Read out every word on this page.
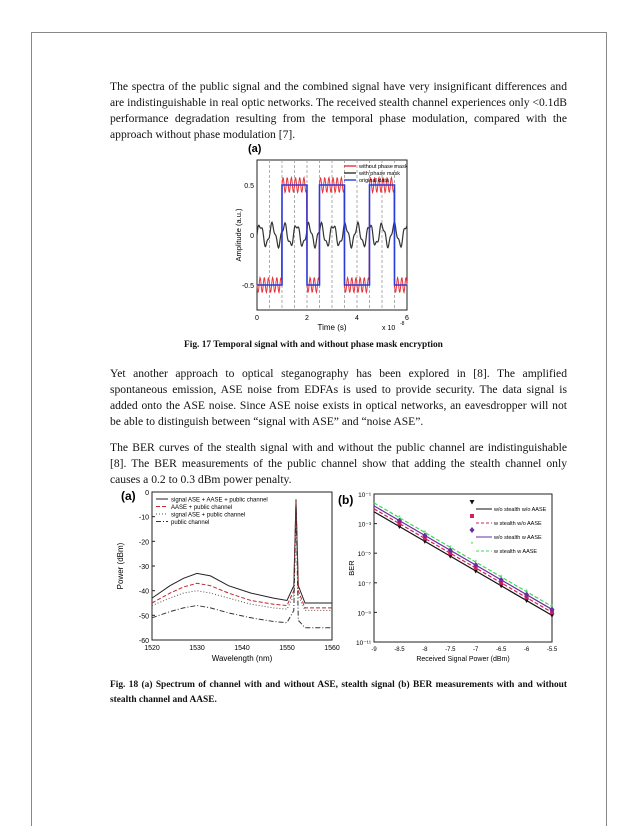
The spectra of the public signal and the combined signal have very insignificant differences and are indistinguishable in real optic networks. The received stealth channel experiences only <0.1dB performance degradation resulting from the temporal phase modulation, compared with the approach without phase modulation [7].

(a)
0.5
0
-0.5
0	2	4	6
Time (s)	x 10
-8
Amplitude (a.u.)
without phase mask
with phase mask
original data

Fig. 17 Temporal signal with and without phase mask encryption

Yet another approach to optical steganography has been explored in [8]. The amplified spontaneous emission, ASE noise from EDFAs is used to provide security. The data signal is added onto the ASE noise. Since ASE noise exists in optical networks, an eavesdropper will not be able to distinguish between “signal with ASE” and “noise ASE”.

The BER curves of the stealth signal with and without the public channel are indistinguishable [8]. The BER measurements of the public channel show that adding the stealth channel only causes a 0.2 to 0.3 dBm power penalty.

(a) 0
-10
-20
-30
-40
-50
-60
1520	1530	1540	1550	1560
Wavelength (nm)
Power (dBm)
signal ASE + AASE + public channel
AASE + public channel
signal ASE + public channel
public channel
(b) 10⁻¹
10⁻³
10⁻⁵
10⁻⁷
10⁻⁹
10⁻¹¹
-9	-8.5	-8	-7.5	-7	-6.5	-6	-5.5
Received Signal Power (dBm)
BER
w/o stealth w/o AASE
w stealth w/o AASE
w/o stealth w AASE
*
*
*
*
*
*
*
*
w stealth w AASE

Fig. 18 (a) Spectrum of channel with and without ASE, stealth signal (b) BER measurements with and without stealth channel and AASE.
